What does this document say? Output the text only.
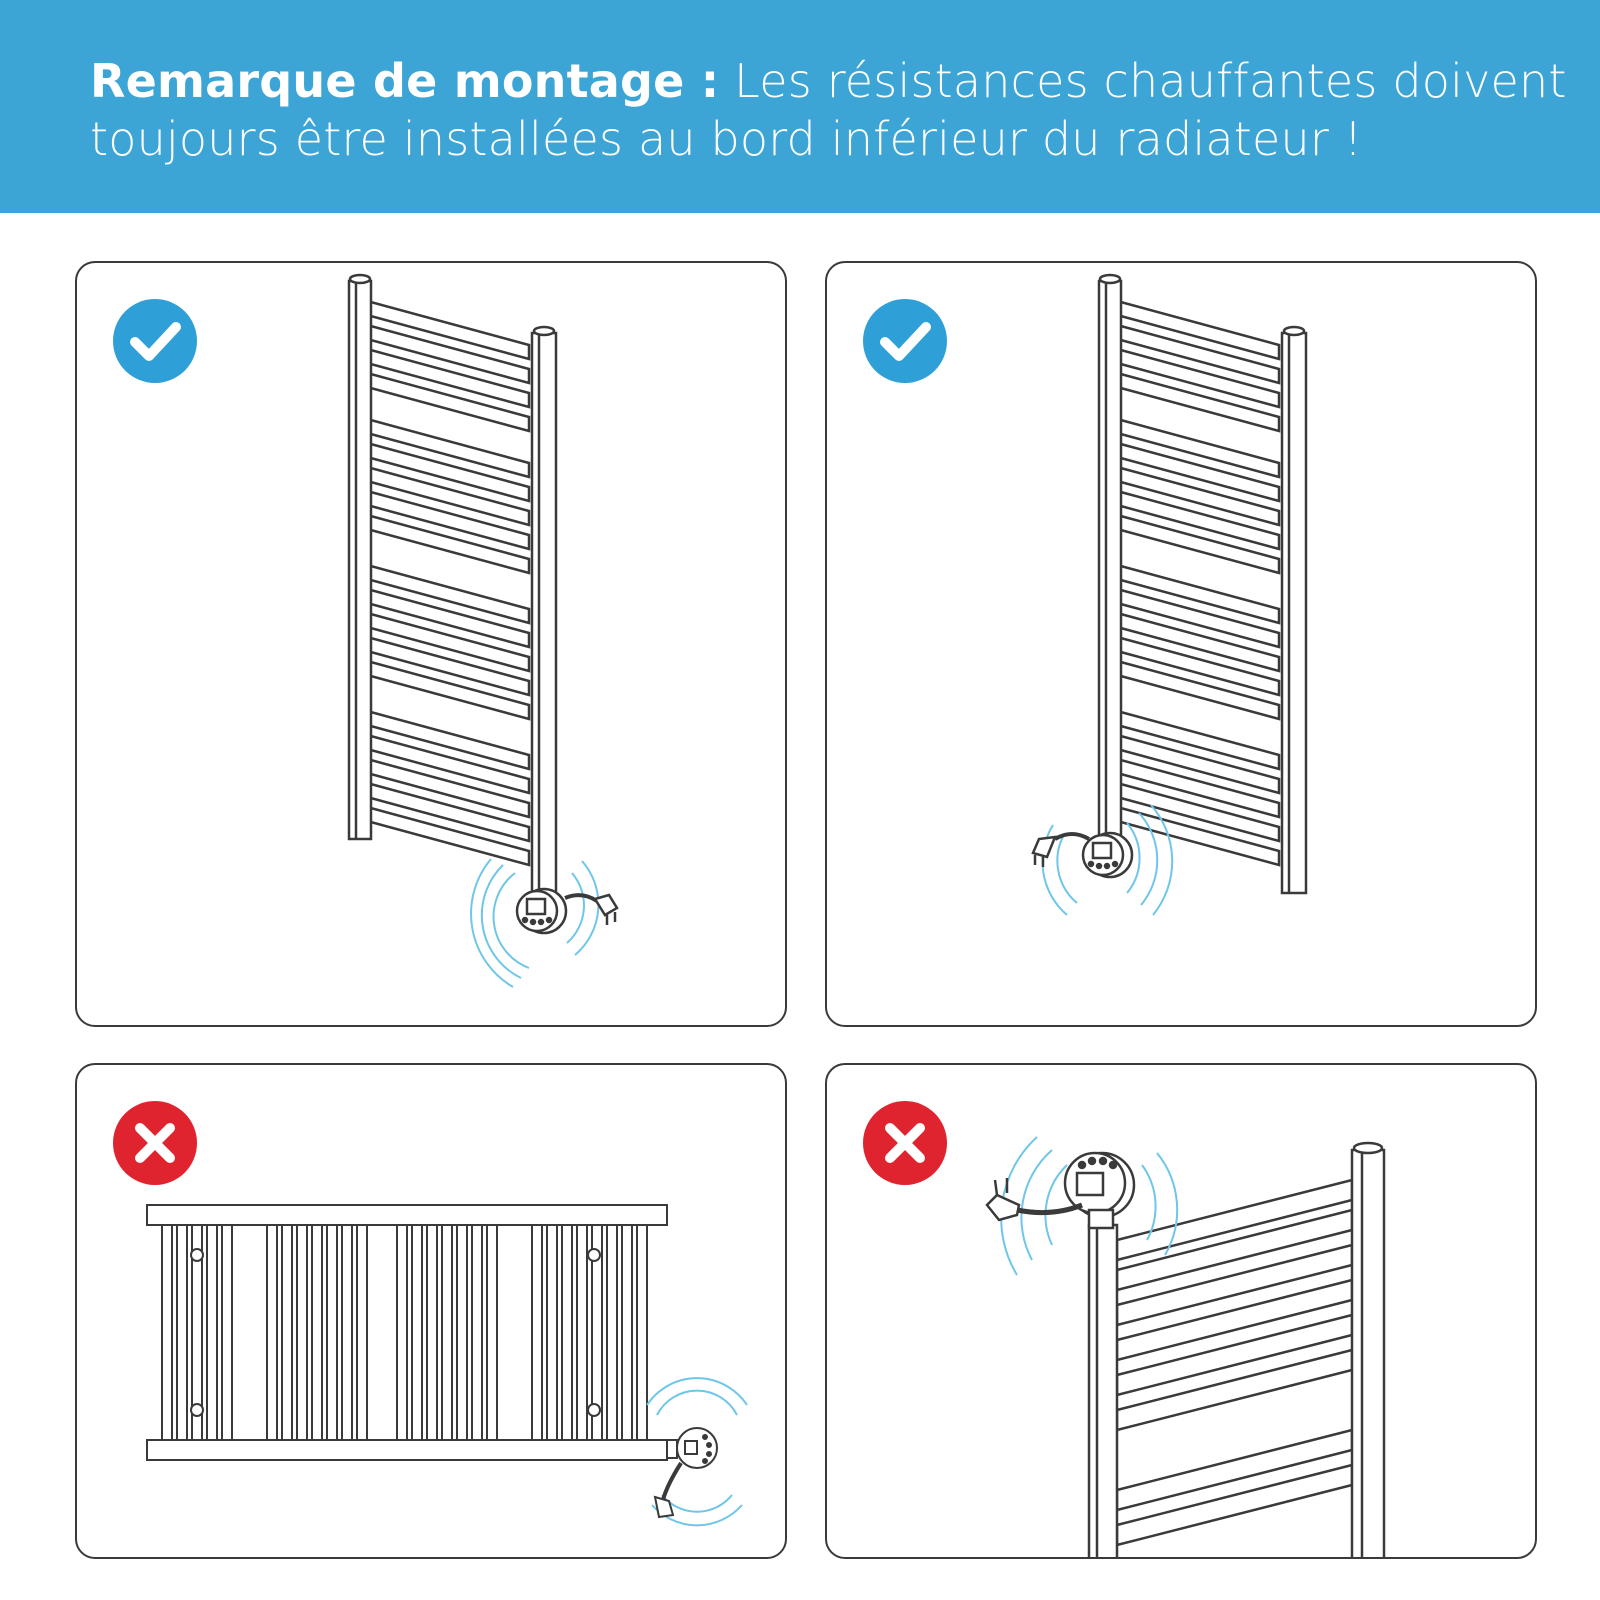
Remarque de montage : Les résistances chauffantes doivent toujours être installées au bord inférieur du radiateur !
